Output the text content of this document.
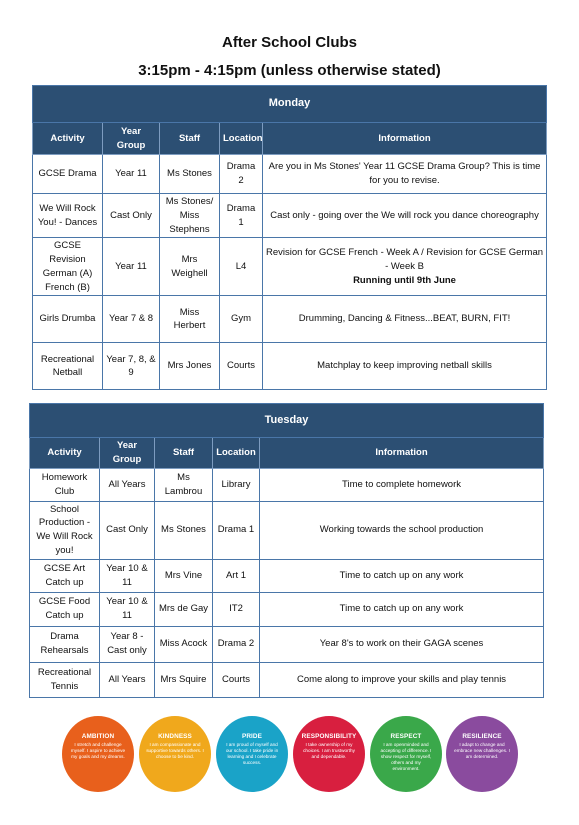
After School Clubs
3:15pm - 4:15pm (unless otherwise stated)
Monday				
Activity	Year Group	Staff	Location	Information
GCSE Drama	Year 11	Ms Stones	Drama 2	Are you in Ms Stones' Year 11 GCSE Drama Group? This is time for you to revise.
We Will Rock You! - Dances	Cast Only	Ms Stones/ Miss Stephens	Drama 1	Cast only - going over the We will rock you dance choreography
GCSE Revision German (A) French (B)	Year 11	Mrs Weighell	L4	Revision for GCSE French - Week A / Revision for GCSE German - Week B
Running until 9th June

Girls Drumba	Year 7 & 8	Miss Herbert	Gym	Drumming, Dancing & Fitness...BEAT, BURN, FIT!
Recreational Netball	Year 7, 8, & 9	Mrs Jones	Courts	Matchplay to keep improving netball skills
Tuesday				
Activity	Year Group	Staff	Location	Information
Homework Club	All Years	Ms Lambrou	Library	Time to complete homework
School Production - We Will Rock you!	Cast Only	Ms Stones	Drama 1	Working towards the school production
GCSE Art Catch up	Year 10 & 11	Mrs Vine	Art 1	Time to catch up on any work
GCSE Food Catch up	Year 10 & 11	Mrs de Gay	IT2	Time to catch up on any work
Drama Rehearsals	Year 8 - Cast only	Miss Acock	Drama 2	Year 8's to work on their GAGA scenes
Recreational Tennis	All Years	Mrs Squire	Courts	Come along to improve your skills and play tennis
AMBITION
I stretch and challenge myself. I aspire to achieve my goals and my dreams.
KINDNESS
I am compassionate and supportive towards others. I choose to be kind.
PRIDE
I am proud of myself and our school. I take pride in learning and I celebrate success.
RESPONSIBILITY
I take ownership of my choices. I am trustworthy and dependable.
RESPECT
I am openminded and accepting of difference. I show respect for myself, others and my environment.
RESILIENCE
I adapt to change and embrace new challenges. I am determined.
